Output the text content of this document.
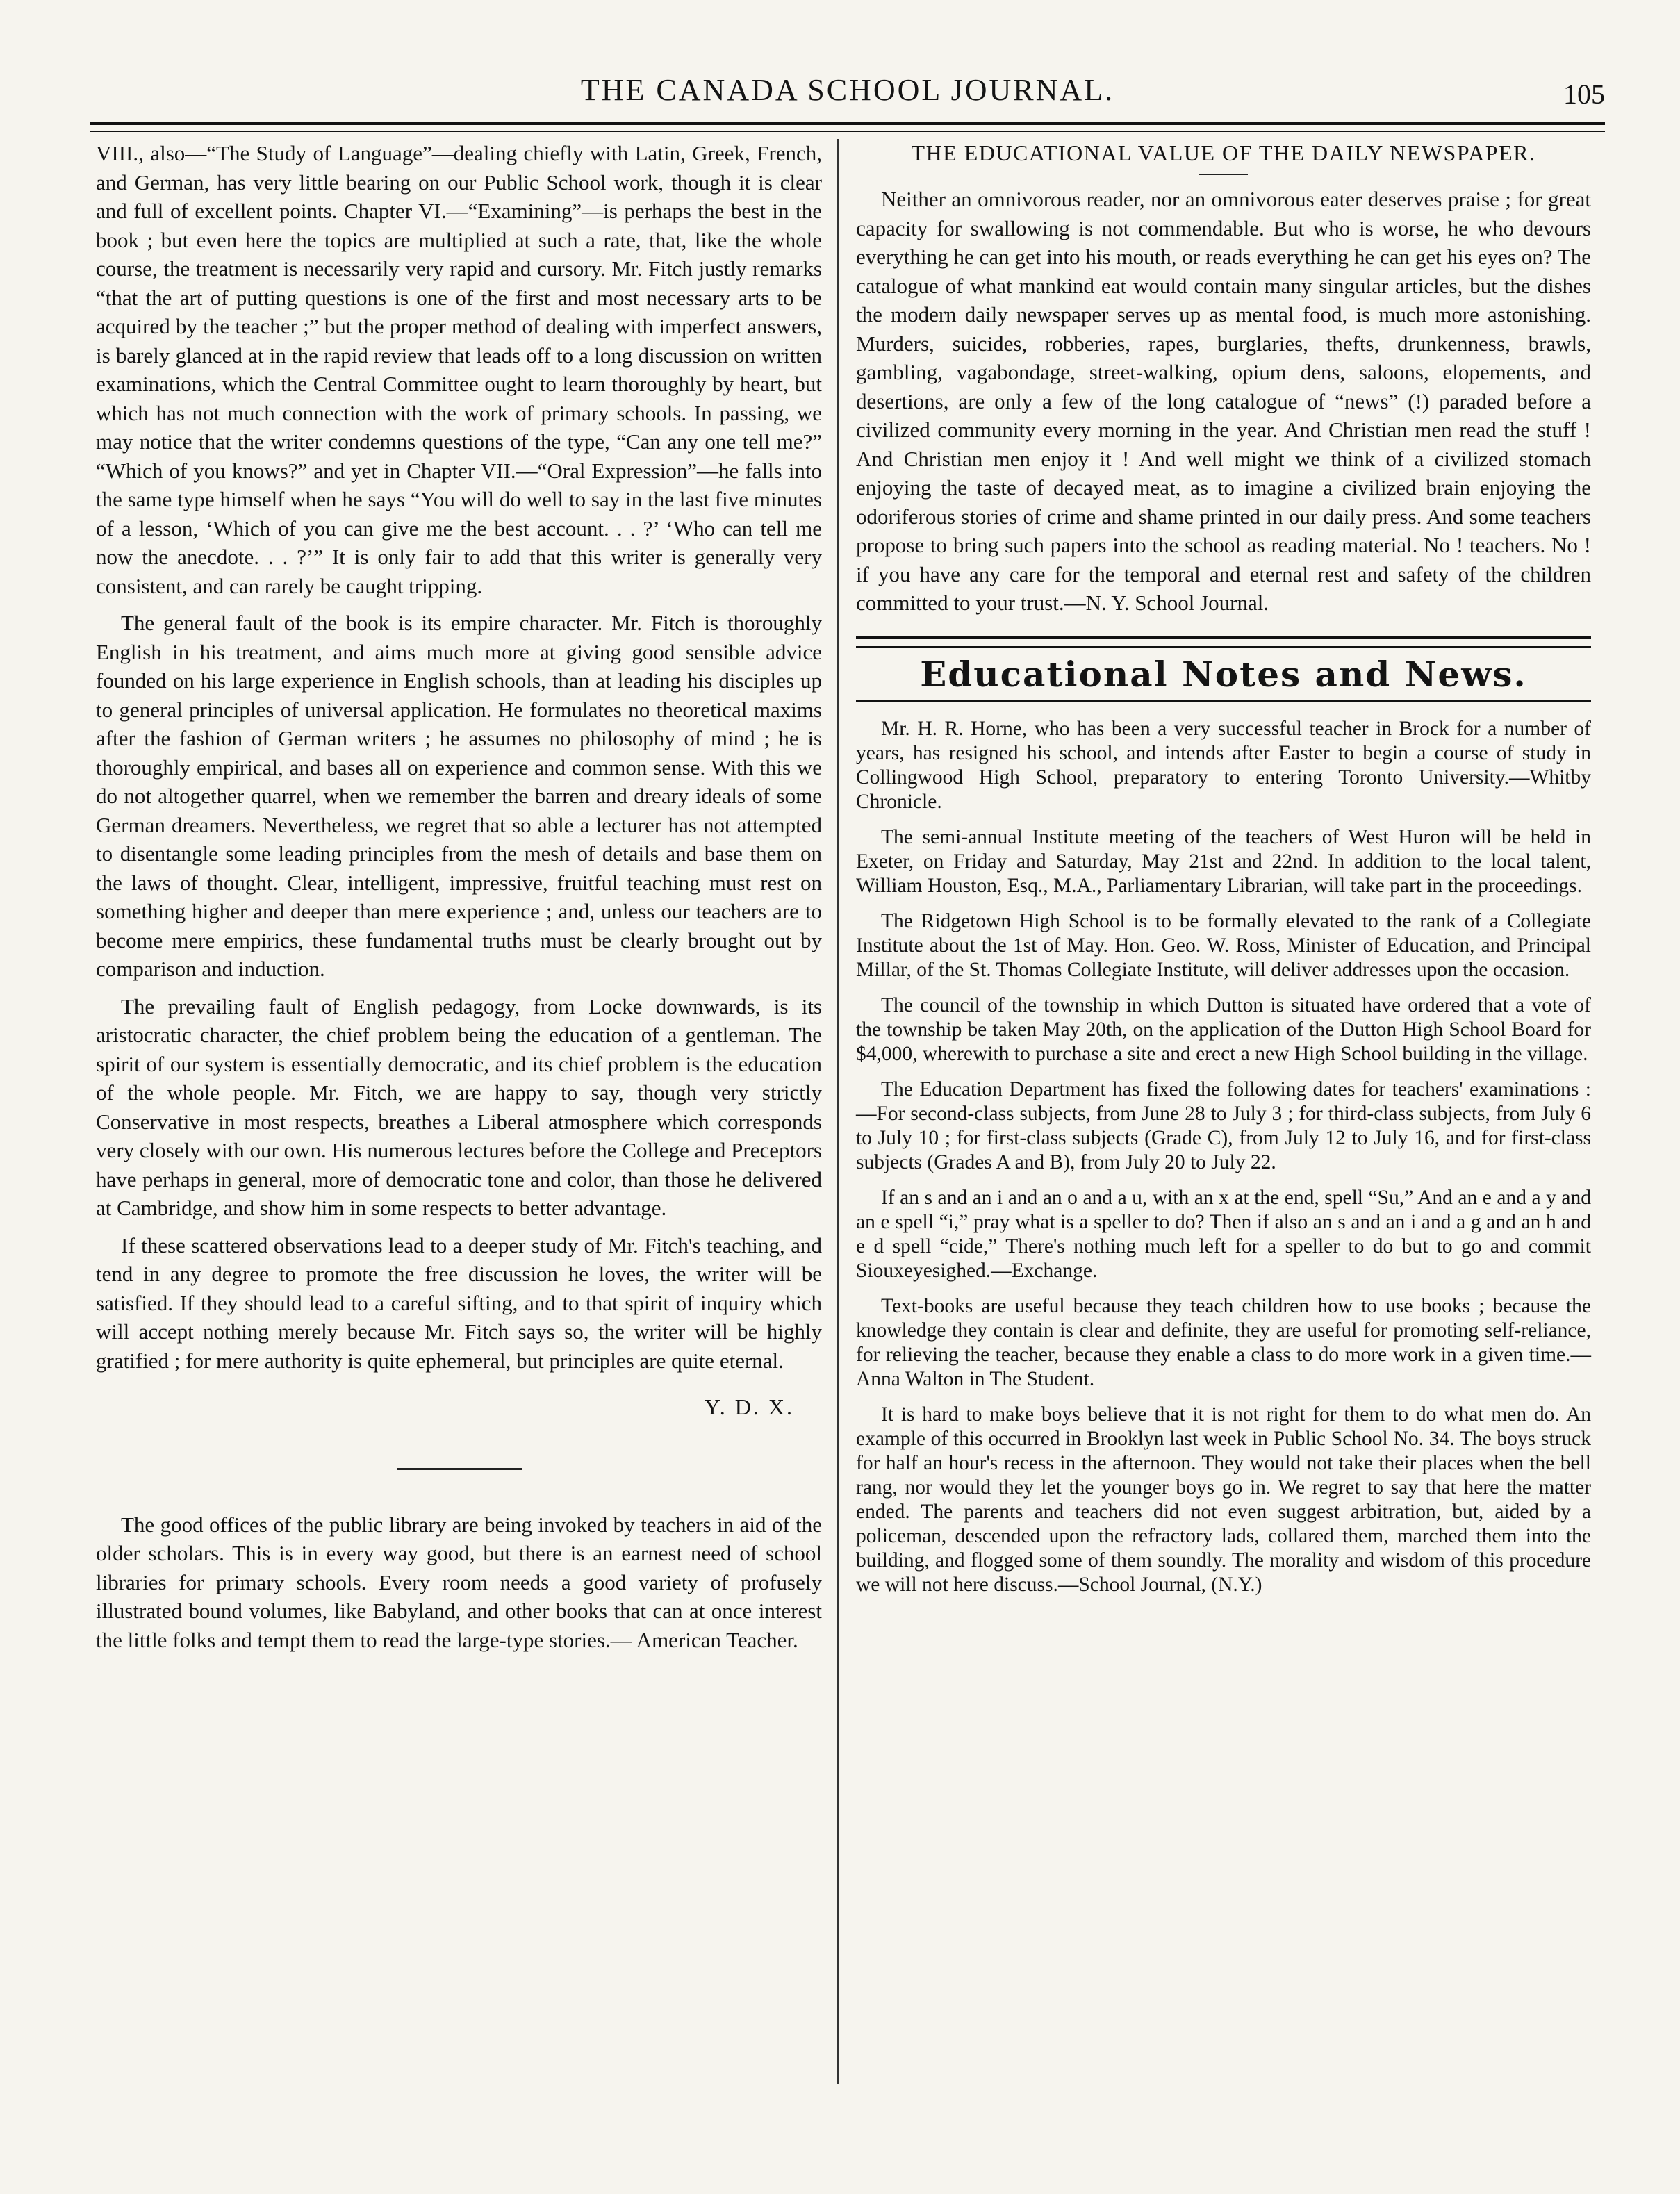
THE CANADA SCHOOL JOURNAL.	105

VIII., also—“The Study of Language”—dealing chiefly with Latin, Greek, French, and German, has very little bearing on our Public School work, though it is clear and full of excellent points. Chapter VI.—“Examining”—is perhaps the best in the book ; but even here the topics are multiplied at such a rate, that, like the whole course, the treatment is necessarily very rapid and cursory. Mr. Fitch justly remarks “that the art of putting questions is one of the first and most necessary arts to be acquired by the teacher ;” but the proper method of dealing with imperfect answers, is barely glanced at in the rapid review that leads off to a long discussion on written examinations, which the Central Committee ought to learn thoroughly by heart, but which has not much connection with the work of primary schools. In passing, we may notice that the writer condemns questions of the type, “Can any one tell me?” “Which of you knows?” and yet in Chapter VII.—“Oral Expression”—he falls into the same type himself when he says “You will do well to say in the last five minutes of a lesson, ‘Which of you can give me the best account. . . ?’ ‘Who can tell me now the anecdote. . . ?’” It is only fair to add that this writer is generally very consistent, and can rarely be caught tripping.

The general fault of the book is its empire character. Mr. Fitch is thoroughly English in his treatment, and aims much more at giving good sensible advice founded on his large experience in English schools, than at leading his disciples up to general principles of universal application. He formulates no theoretical maxims after the fashion of German writers ; he assumes no philosophy of mind ; he is thoroughly empirical, and bases all on experience and common sense. With this we do not altogether quarrel, when we remember the barren and dreary ideals of some German dreamers. Nevertheless, we regret that so able a lecturer has not attempted to disentangle some leading principles from the mesh of details and base them on the laws of thought. Clear, intelligent, impressive, fruitful teaching must rest on something higher and deeper than mere experience ; and, unless our teachers are to become mere empirics, these fundamental truths must be clearly brought out by comparison and induction.

The prevailing fault of English pedagogy, from Locke downwards, is its aristocratic character, the chief problem being the education of a gentleman. The spirit of our system is essentially democratic, and its chief problem is the education of the whole people. Mr. Fitch, we are happy to say, though very strictly Conservative in most respects, breathes a Liberal atmosphere which corresponds very closely with our own. His numerous lectures before the College and Preceptors have perhaps in general, more of democratic tone and color, than those he delivered at Cambridge, and show him in some respects to better advantage.

If these scattered observations lead to a deeper study of Mr. Fitch's teaching, and tend in any degree to promote the free discussion he loves, the writer will be satisfied. If they should lead to a careful sifting, and to that spirit of inquiry which will accept nothing merely because Mr. Fitch says so, the writer will be highly gratified ; for mere authority is quite ephemeral, but principles are quite eternal.

Y. D. X.

The good offices of the public library are being invoked by teachers in aid of the older scholars. This is in every way good, but there is an earnest need of school libraries for primary schools. Every room needs a good variety of profusely illustrated bound volumes, like Babyland, and other books that can at once interest the little folks and tempt them to read the large-type stories.— American Teacher.

THE EDUCATIONAL VALUE OF THE DAILY NEWSPAPER.

Neither an omnivorous reader, nor an omnivorous eater deserves praise ; for great capacity for swallowing is not commendable. But who is worse, he who devours everything he can get into his mouth, or reads everything he can get his eyes on? The catalogue of what mankind eat would contain many singular articles, but the dishes the modern daily newspaper serves up as mental food, is much more astonishing. Murders, suicides, robberies, rapes, burglaries, thefts, drunkenness, brawls, gambling, vagabondage, street-walking, opium dens, saloons, elopements, and desertions, are only a few of the long catalogue of “news” (!) paraded before a civilized community every morning in the year. And Christian men read the stuff ! And Christian men enjoy it ! And well might we think of a civilized stomach enjoying the taste of decayed meat, as to imagine a civilized brain enjoying the odoriferous stories of crime and shame printed in our daily press. And some teachers propose to bring such papers into the school as reading material. No ! teachers. No ! if you have any care for the temporal and eternal rest and safety of the children committed to your trust.—N. Y. School Journal.

Educational Notes and News.

Mr. H. R. Horne, who has been a very successful teacher in Brock for a number of years, has resigned his school, and intends after Easter to begin a course of study in Collingwood High School, preparatory to entering Toronto University.—Whitby Chronicle.

The semi-annual Institute meeting of the teachers of West Huron will be held in Exeter, on Friday and Saturday, May 21st and 22nd. In addition to the local talent, William Houston, Esq., M.A., Parliamentary Librarian, will take part in the proceedings.

The Ridgetown High School is to be formally elevated to the rank of a Collegiate Institute about the 1st of May. Hon. Geo. W. Ross, Minister of Education, and Principal Millar, of the St. Thomas Collegiate Institute, will deliver addresses upon the occasion.

The council of the township in which Dutton is situated have ordered that a vote of the township be taken May 20th, on the application of the Dutton High School Board for $4,000, wherewith to purchase a site and erect a new High School building in the village.

The Education Department has fixed the following dates for teachers' examinations :—For second-class subjects, from June 28 to July 3 ; for third-class subjects, from July 6 to July 10 ; for first-class subjects (Grade C), from July 12 to July 16, and for first-class subjects (Grades A and B), from July 20 to July 22.

If an s and an i and an o and a u, with an x at the end, spell “Su,” And an e and a y and an e spell “i,” pray what is a speller to do? Then if also an s and an i and a g and an h and e d spell “cide,” There's nothing much left for a speller to do but to go and commit Siouxeyesighed.—Exchange.

Text-books are useful because they teach children how to use books ; because the knowledge they contain is clear and definite, they are useful for promoting self-reliance, for relieving the teacher, because they enable a class to do more work in a given time.—Anna Walton in The Student.

It is hard to make boys believe that it is not right for them to do what men do. An example of this occurred in Brooklyn last week in Public School No. 34. The boys struck for half an hour's recess in the afternoon. They would not take their places when the bell rang, nor would they let the younger boys go in. We regret to say that here the matter ended. The parents and teachers did not even suggest arbitration, but, aided by a policeman, descended upon the refractory lads, collared them, marched them into the building, and flogged some of them soundly. The morality and wisdom of this procedure we will not here discuss.—School Journal, (N.Y.)
